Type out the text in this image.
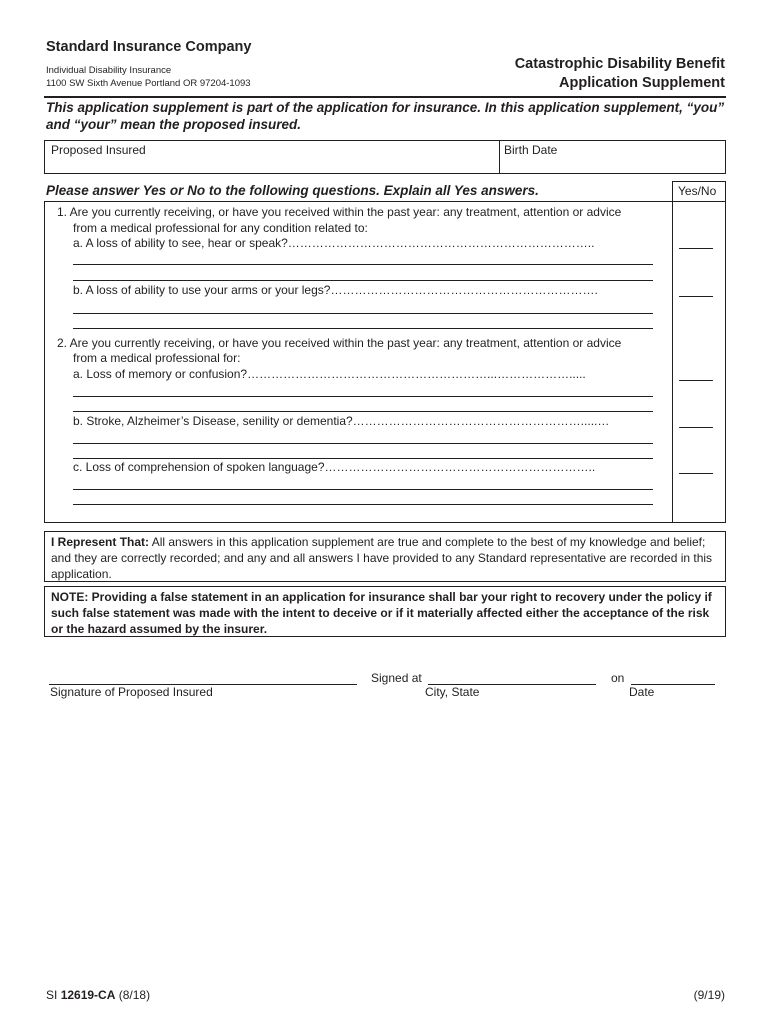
Standard Insurance Company
Individual Disability Insurance
1100 SW Sixth Avenue Portland OR 97204-1093
Catastrophic Disability Benefit
Application Supplement
This application supplement is part of the application for insurance. In this application supplement, “you” and “your” mean the proposed insured.
Proposed Insured	Birth Date
Please answer Yes or No to the following questions. Explain all Yes answers.	Yes/No
1. Are you currently receiving, or have you received within the past year: any treatment, attention or advice
from a medical professional for any condition related to:
a. A loss of ability to see, hear or speak?…………………………………………………………………..
b. A loss of ability to use your arms or your legs?………………………………………………………….
2. Are you currently receiving, or have you received within the past year: any treatment, attention or advice
from a medical professional for:
a. Loss of memory or confusion?……………………………………………………...……………….....
b. Stroke, Alzheimer’s Disease, senility or dementia?………………………………………………….....…
c. Loss of comprehension of spoken language?…………………………………………………………..
I Represent That: All answers in this application supplement are true and complete to the best of my knowledge and belief; and they are correctly recorded; and any and all answers I have provided to any Standard representative are recorded in this application.
NOTE: Providing a false statement in an application for insurance shall bar your right to recovery under the policy if such false statement was made with the intent to deceive or if it materially affected either the acceptance of the risk or the hazard assumed by the insurer.
Signature of Proposed Insured
Signed at
City, State
on
Date
SI 12619-CA (8/18)	(9/19)
